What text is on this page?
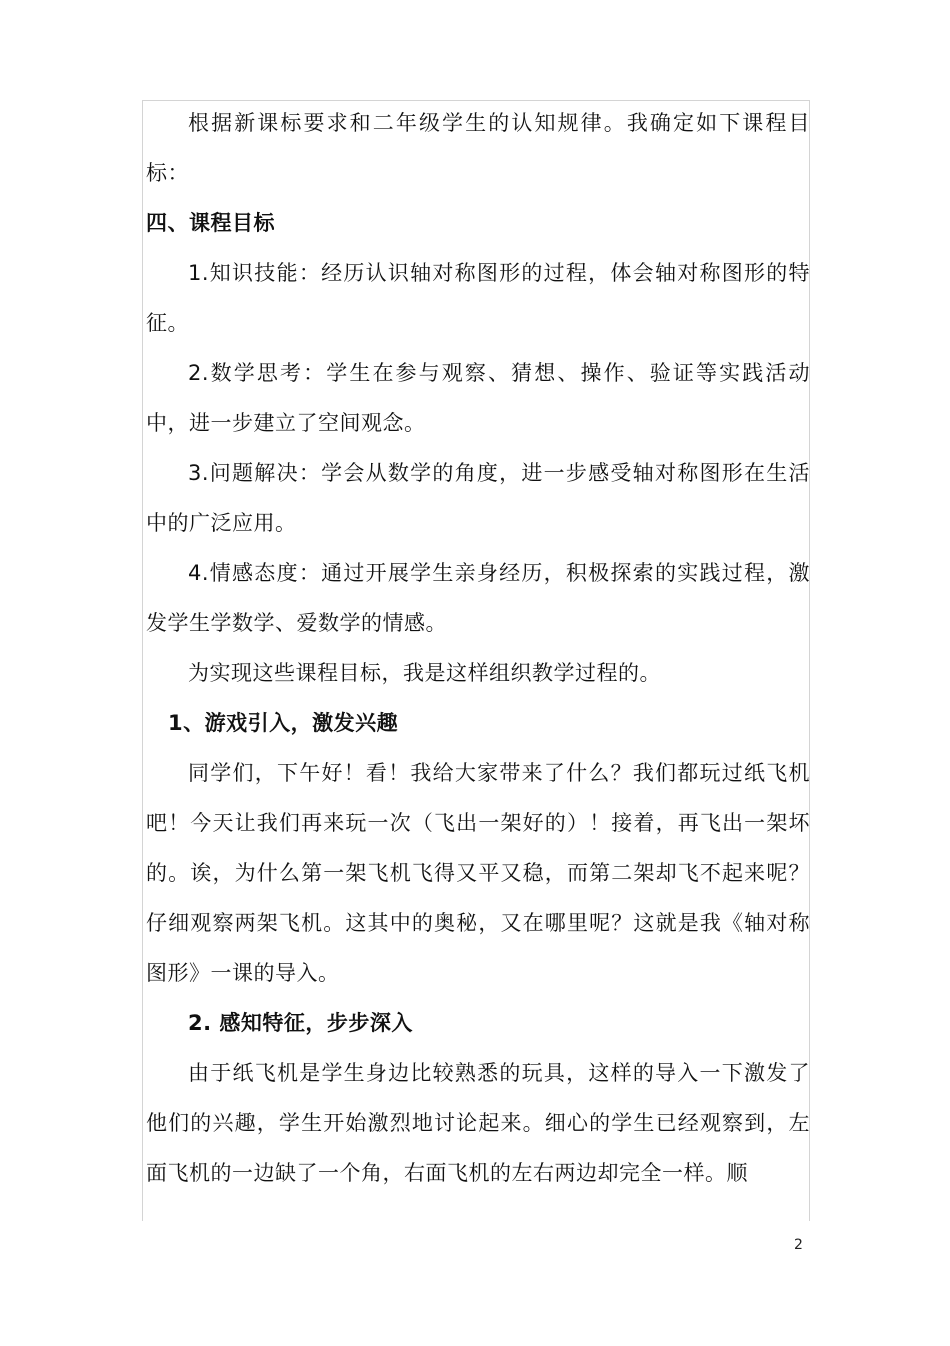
根据新课标要求和二年级学生的认知规律。我确定如下课程目标：

四、课程目标

1.知识技能：经历认识轴对称图形的过程，体会轴对称图形的特征。

2.数学思考：学生在参与观察、猜想、操作、验证等实践活动中，进一步建立了空间观念。

3.问题解决：学会从数学的角度，进一步感受轴对称图形在生活中的广泛应用。

4.情感态度：通过开展学生亲身经历，积极探索的实践过程，激发学生学数学、爱数学的情感。

为实现这些课程目标，我是这样组织教学过程的。

1、游戏引入，激发兴趣

同学们，下午好！看！我给大家带来了什么？我们都玩过纸飞机吧！今天让我们再来玩一次（飞出一架好的）！接着，再飞出一架坏的。诶，为什么第一架飞机飞得又平又稳，而第二架却飞不起来呢？仔细观察两架飞机。这其中的奥秘，又在哪里呢？这就是我《轴对称图形》一课的导入。

2. 感知特征，步步深入

由于纸飞机是学生身边比较熟悉的玩具，这样的导入一下激发了他们的兴趣，学生开始激烈地讨论起来。细心的学生已经观察到，左面飞机的一边缺了一个角，右面飞机的左右两边却完全一样。顺

2
